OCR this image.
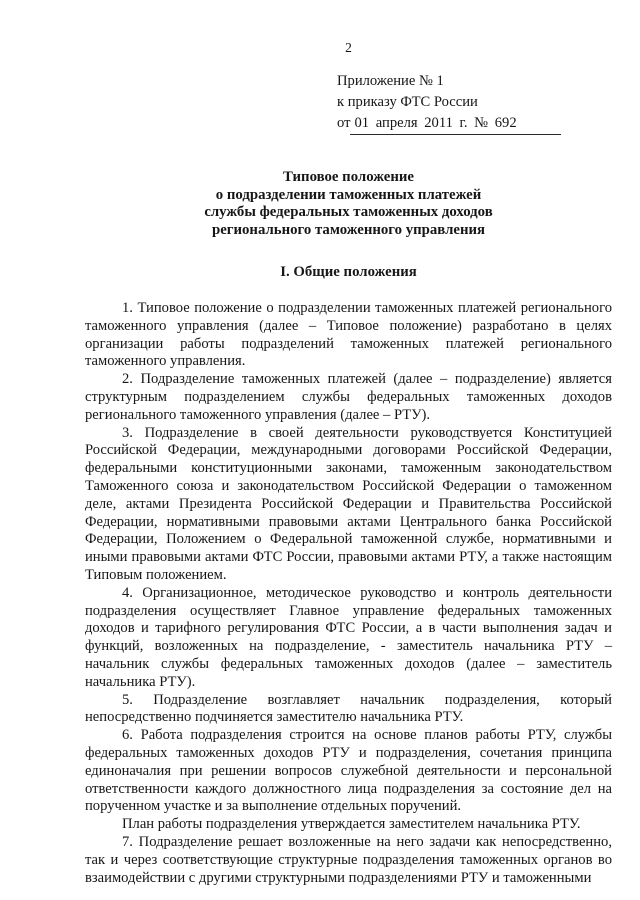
2
Приложение № 1
к приказу ФТС России
от 01 апреля 2011 г. № 692
Типовое положение
о подразделении таможенных платежей
службы федеральных таможенных доходов
регионального таможенного управления
I. Общие положения

1. Типовое положение о подразделении таможенных платежей регионального таможенного управления (далее – Типовое положение) разработано в целях организации работы подразделений таможенных платежей регионального таможенного управления.

2. Подразделение таможенных платежей (далее – подразделение) является структурным подразделением службы федеральных таможенных доходов регионального таможенного управления (далее – РТУ).

3. Подразделение в своей деятельности руководствуется Конституцией Российской Федерации, международными договорами Российской Федерации, федеральными конституционными законами, таможенным законодательством Таможенного союза и законодательством Российской Федерации о таможенном деле, актами Президента Российской Федерации и Правительства Российской Федерации, нормативными правовыми актами Центрального банка Российской Федерации, Положением о Федеральной таможенной службе, нормативными и иными правовыми актами ФТС России, правовыми актами РТУ, а также настоящим Типовым положением.

4. Организационное, методическое руководство и контроль деятельности подразделения осуществляет Главное управление федеральных таможенных доходов и тарифного регулирования ФТС России, а в части выполнения задач и функций, возложенных на подразделение, - заместитель начальника РТУ – начальник службы федеральных таможенных доходов (далее – заместитель начальника РТУ).

5. Подразделение возглавляет начальник подразделения, который непосредственно подчиняется заместителю начальника РТУ.

6. Работа подразделения строится на основе планов работы РТУ, службы федеральных таможенных доходов РТУ и подразделения, сочетания принципа единоначалия при решении вопросов служебной деятельности и персональной ответственности каждого должностного лица подразделения за состояние дел на порученном участке и за выполнение отдельных поручений.

План работы подразделения утверждается заместителем начальника РТУ.

7. Подразделение решает возложенные на него задачи как непосредственно, так и через соответствующие структурные подразделения таможенных органов во взаимодействии с другими структурными подразделениями РТУ и таможенными
